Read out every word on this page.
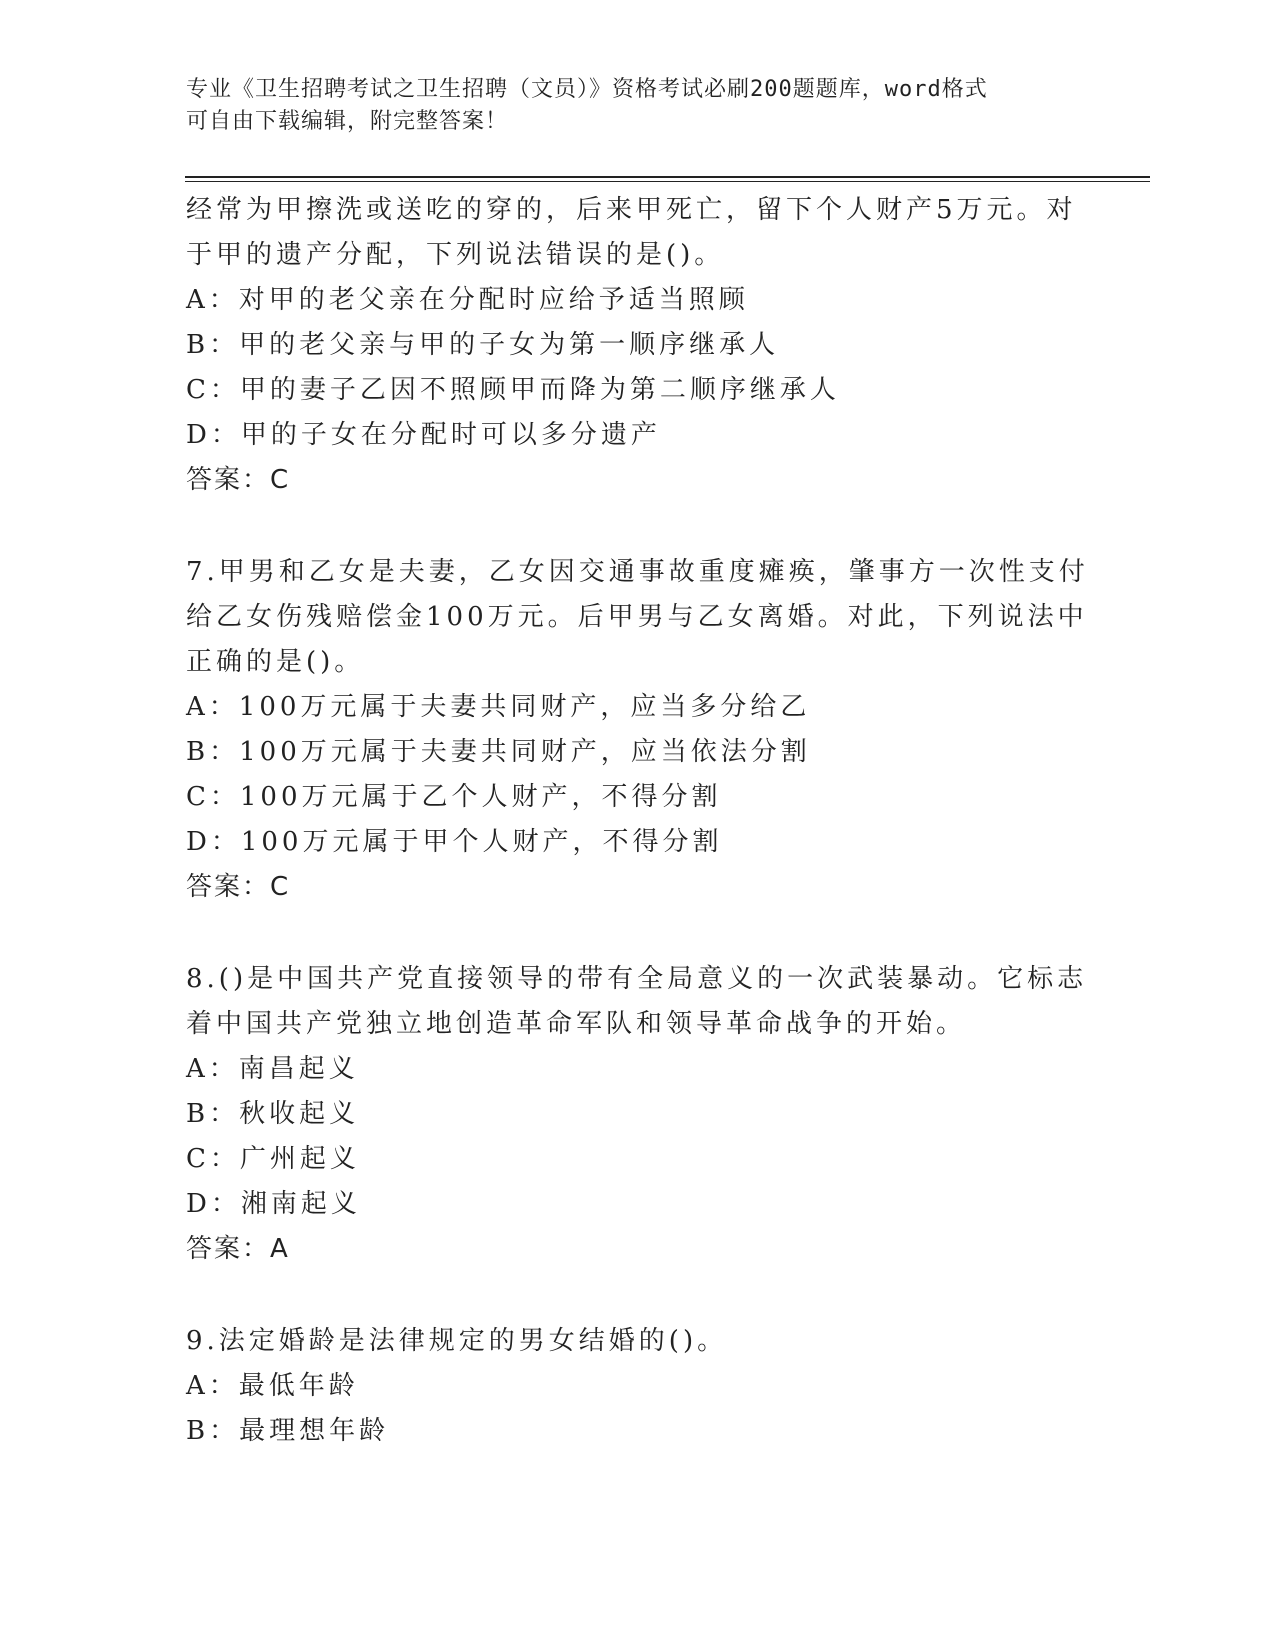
专业《卫生招聘考试之卫生招聘（文员）》资格考试必刷200题题库，word格式
可自由下载编辑，附完整答案！
经常为甲擦洗或送吃的穿的，后来甲死亡，留下个人财产5万元。对
于甲的遗产分配，下列说法错误的是()。
A：对甲的老父亲在分配时应给予适当照顾
B：甲的老父亲与甲的子女为第一顺序继承人
C：甲的妻子乙因不照顾甲而降为第二顺序继承人
D：甲的子女在分配时可以多分遗产
答案：C
7.甲男和乙女是夫妻，乙女因交通事故重度瘫痪，肇事方一次性支付
给乙女伤残赔偿金100万元。后甲男与乙女离婚。对此，下列说法中
正确的是()。
A：100万元属于夫妻共同财产，应当多分给乙
B：100万元属于夫妻共同财产，应当依法分割
C：100万元属于乙个人财产，不得分割
D：100万元属于甲个人财产，不得分割
答案：C
8.()是中国共产党直接领导的带有全局意义的一次武装暴动。它标志
着中国共产党独立地创造革命军队和领导革命战争的开始。
A：南昌起义
B：秋收起义
C：广州起义
D：湘南起义
答案：A
9.法定婚龄是法律规定的男女结婚的()。
A：最低年龄
B：最理想年龄
